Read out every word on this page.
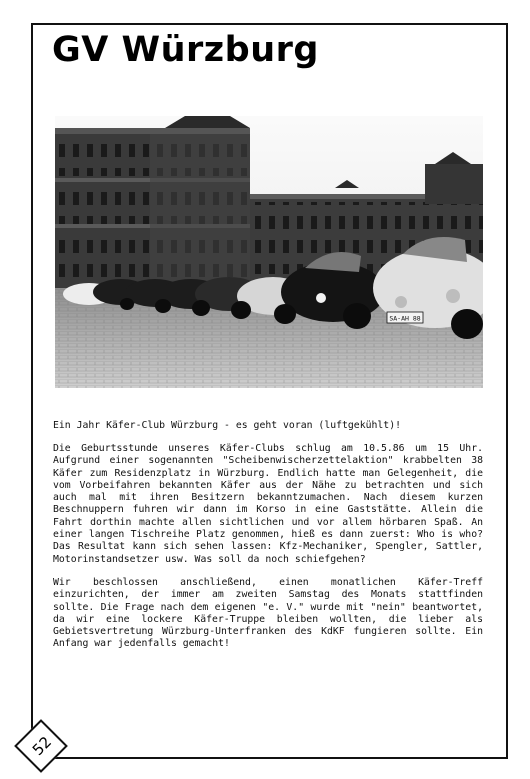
GV Würzburg
SA-AH 88

Ein Jahr Käfer-Club Würzburg - es geht voran (luftgekühlt)!

Die Geburtsstunde unseres Käfer-Clubs schlug am 10.5.86 um 15 Uhr. Aufgrund einer sogenannten "Scheibenwischerzettelaktion" krabbelten 38 Käfer zum Residenzplatz in Würzburg. Endlich hatte man Gelegenheit, die vom Vorbeifahren bekannten Käfer aus der Nähe zu betrachten und sich auch mal mit ihren Besitzern bekanntzumachen. Nach diesem kurzen Beschnuppern fuhren wir dann im Korso in eine Gaststätte. Allein die Fahrt dorthin machte allen sichtlichen und vor allem hörbaren Spaß. An einer langen Tischreihe Platz genommen, hieß es dann zuerst: Who is who? Das Resultat kann sich sehen lassen: Kfz-Mechaniker, Spengler, Sattler, Motorinstandsetzer usw. Was soll da noch schiefgehen?

Wir beschlossen anschließend, einen monatlichen Käfer-Treff einzurichten, der immer am zweiten Samstag des Monats stattfinden sollte. Die Frage nach dem eigenen "e. V." wurde mit "nein" beantwortet, da wir eine lockere Käfer-Truppe bleiben wollten, die lieber als Gebietsvertretung Würzburg-Unterfranken des KdKF fungieren sollte. Ein Anfang war jedenfalls gemacht!

52
